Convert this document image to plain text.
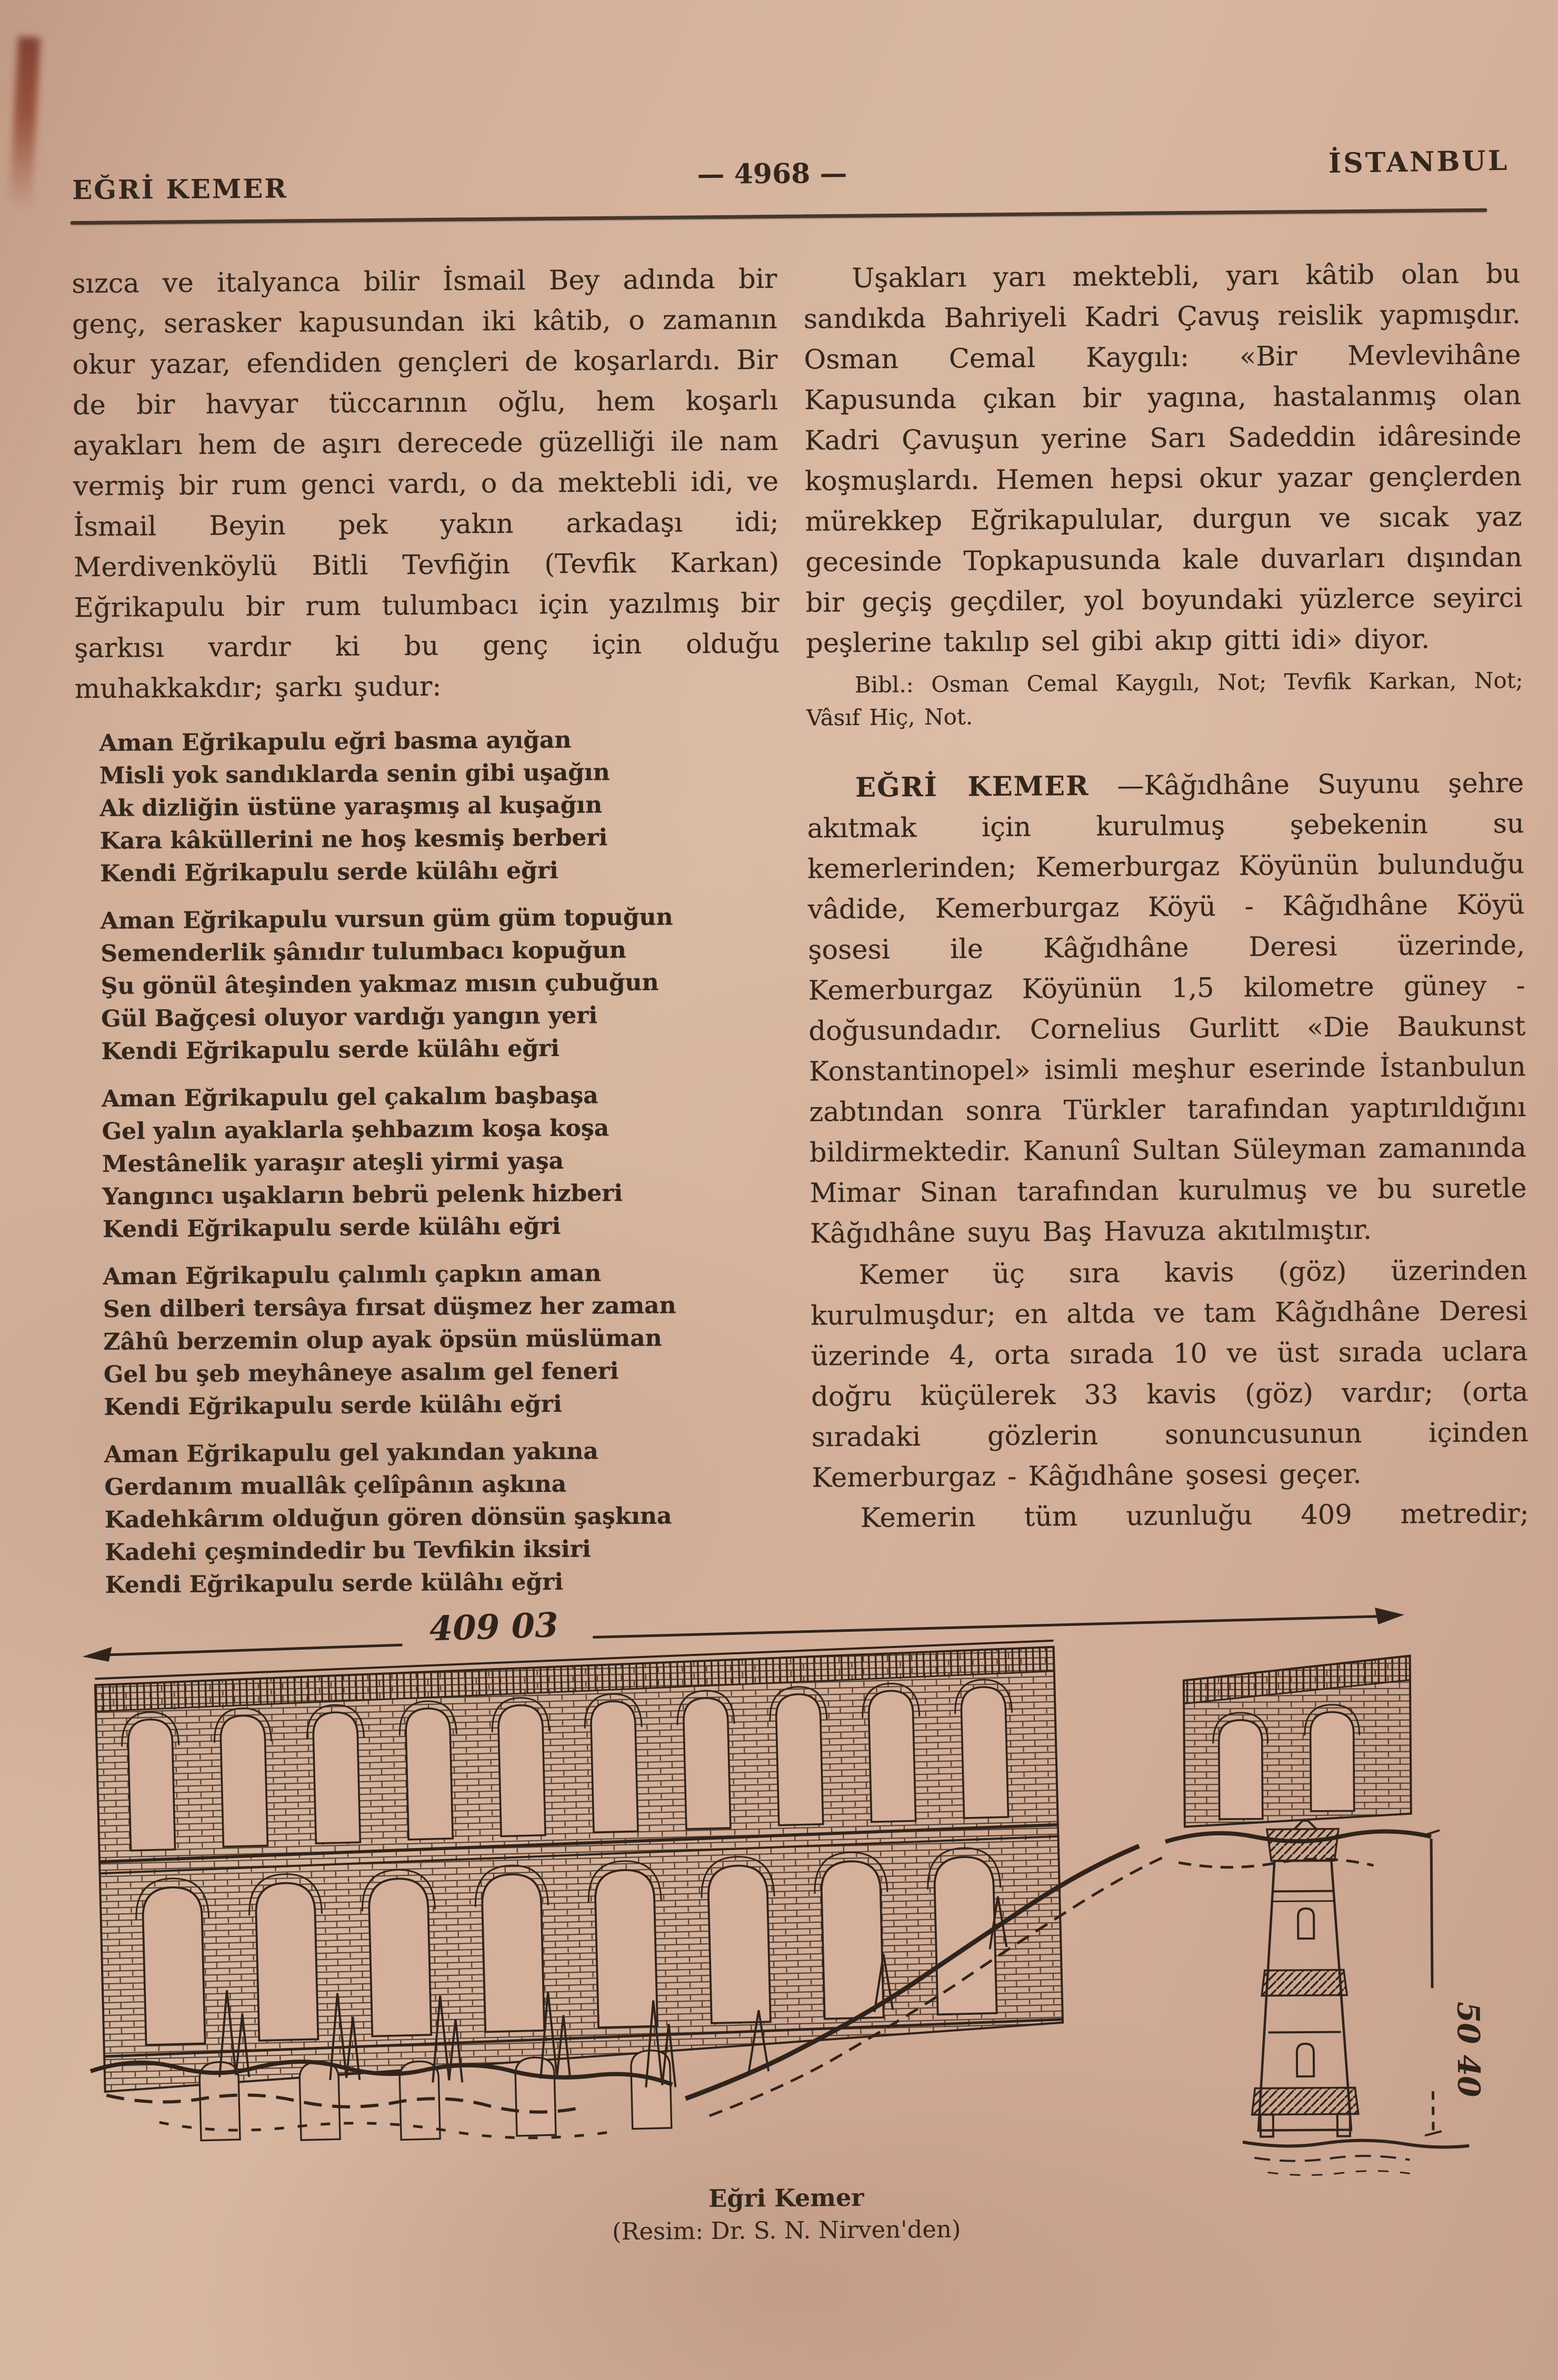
EĞRİ KEMER	— 4968 —	İSTANBUL

sızca ve italyanca bilir İsmail Bey adında bir genç, serasker kapusundan iki kâtib, o zamanın okur yazar, efendiden gençleri de koşarlardı. Bir de bir havyar tüccarının oğlu, hem koşarlı ayakları hem de aşırı derecede güzelliği ile nam vermiş bir rum genci vardı, o da mektebli idi, ve İsmail Beyin pek yakın arkadaşı idi; Merdivenköylü Bitli Tevfiğin (Tevfik Karkan) Eğrikapulu bir rum tulumbacı için yazılmış bir şarkısı vardır ki bu genç için olduğu muhakkakdır; şarkı şudur:

Aman Eğrikapulu eğri basma ayığan
Misli yok sandıklarda senin gibi uşağın
Ak dizliğin üstüne yaraşmış al kuşağın
Kara kâküllerini ne hoş kesmiş berberi
Kendi Eğrikapulu serde külâhı eğri
Aman Eğrikapulu vursun güm güm topuğun
Semenderlik şânıdır tulumbacı kopuğun
Şu gönül âteşinden yakmaz mısın çubuğun
Gül Bağçesi oluyor vardığı yangın yeri
Kendi Eğrikapulu serde külâhı eğri
Aman Eğrikapulu gel çakalım başbaşa
Gel yalın ayaklarla şehbazım koşa koşa
Mestânelik yaraşır ateşli yirmi yaşa
Yangıncı uşakların bebrü pelenk hizberi
Kendi Eğrikapulu serde külâhı eğri
Aman Eğrikapulu çalımlı çapkın aman
Sen dilberi tersâya fırsat düşmez her zaman
Zâhû berzemin olup ayak öpsün müslüman
Gel bu şeb meyhâneye asalım gel feneri
Kendi Eğrikapulu serde külâhı eğri
Aman Eğrikapulu gel yakından yakına
Gerdanım muallâk çelîpânın aşkına
Kadehkârım olduğun gören dönsün şaşkına
Kadehi çeşmindedir bu Tevfikin iksiri
Kendi Eğrikapulu serde külâhı eğri

Uşakları yarı mektebli, yarı kâtib olan bu sandıkda Bahriyeli Kadri Çavuş reislik yapmışdır. Osman Cemal Kaygılı: «Bir Mevlevihâne Kapusunda çıkan bir yagına, hastalanmış olan Kadri Çavuşun yerine Sarı Sadeddin idâresinde koşmuşlardı. Hemen hepsi okur yazar gençlerden mürekkep Eğrikapulular, durgun ve sıcak yaz gecesinde Topkapusunda kale duvarları dışından bir geçiş geçdiler, yol boyundaki yüzlerce seyirci peşlerine takılıp sel gibi akıp gitti idi» diyor.

Bibl.: Osman Cemal Kaygılı, Not; Tevfik Karkan, Not; Vâsıf Hiç, Not.

EĞRİ KEMER —Kâğıdhâne Suyunu şehre akıtmak için kurulmuş şebekenin su kemerlerinden; Kemerburgaz Köyünün bulunduğu vâdide, Kemerburgaz Köyü - Kâğıdhâne Köyü şosesi ile Kâğıdhâne Deresi üzerinde, Kemerburgaz Köyünün 1,5 kilometre güney - doğusundadır. Cornelius Gurlitt «Die Baukunst Konstantinopel» isimli meşhur eserinde İstanbulun zabtından sonra Türkler tarafından yaptırıldığını bildirmektedir. Kanunî Sultan Süleyman zamanında Mimar Sinan tarafından kurulmuş ve bu suretle Kâğıdhâne suyu Baş Havuza akıtılmıştır.

Kemer üç sıra kavis (göz) üzerinden kurulmuşdur; en altda ve tam Kâğıdhâne Deresi üzerinde 4, orta sırada 10 ve üst sırada uclara doğru küçülerek 33 kavis (göz) vardır; (orta sıradaki gözlerin sonuncusunun içinden Kemerburgaz - Kâğıdhâne şosesi geçer.

Kemerin tüm uzunluğu 409 metredir;

409 03
50 40
Eğri Kemer
(Resim: Dr. S. N. Nirven'den)
